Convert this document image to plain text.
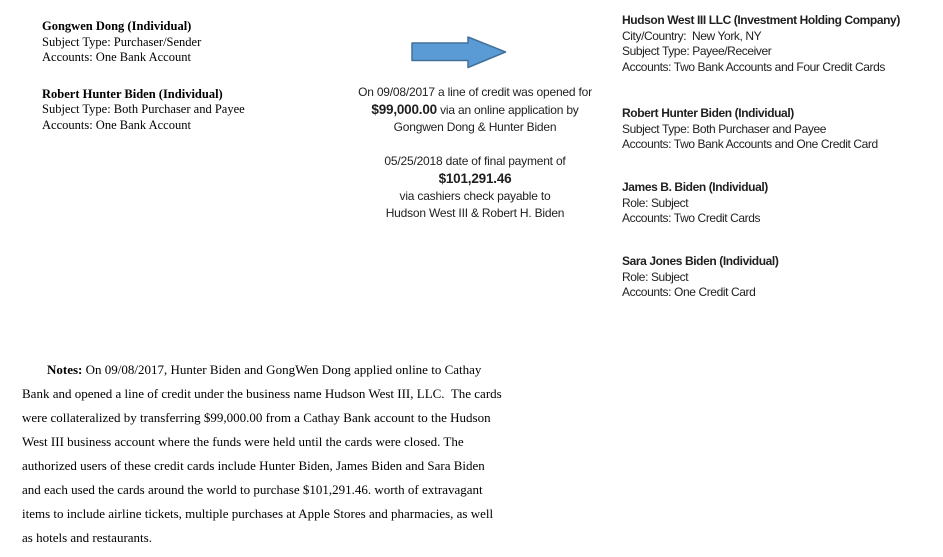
Gongwen Dong (Individual)
Subject Type: Purchaser/Sender
Accounts: One Bank Account
Robert Hunter Biden (Individual)
Subject Type: Both Purchaser and Payee
Accounts: One Bank Account
On 09/08/2017 a line of credit was opened for
$99,000.00 via an online application by
Gongwen Dong & Hunter Biden
05/25/2018 date of final payment of
$101,291.46
via cashiers check payable to
Hudson West III & Robert H. Biden
Hudson West III LLC (Investment Holding Company)
City/Country:  New York, NY
Subject Type: Payee/Receiver
Accounts: Two Bank Accounts and Four Credit Cards
Robert Hunter Biden (Individual)
Subject Type: Both Purchaser and Payee
Accounts: Two Bank Accounts and One Credit Card
James B. Biden (Individual)
Role: Subject
Accounts: Two Credit Cards
Sara Jones Biden (Individual)
Role: Subject
Accounts: One Credit Card
Notes: On 09/08/2017, Hunter Biden and GongWen Dong applied online to Cathay
Bank and opened a line of credit under the business name Hudson West III, LLC.  The cards
were collateralized by transferring $99,000.00 from a Cathay Bank account to the Hudson
West III business account where the funds were held until the cards were closed. The
authorized users of these credit cards include Hunter Biden, James Biden and Sara Biden
and each used the cards around the world to purchase $101,291.46. worth of extravagant
items to include airline tickets, multiple purchases at Apple Stores and pharmacies, as well
as hotels and restaurants.
